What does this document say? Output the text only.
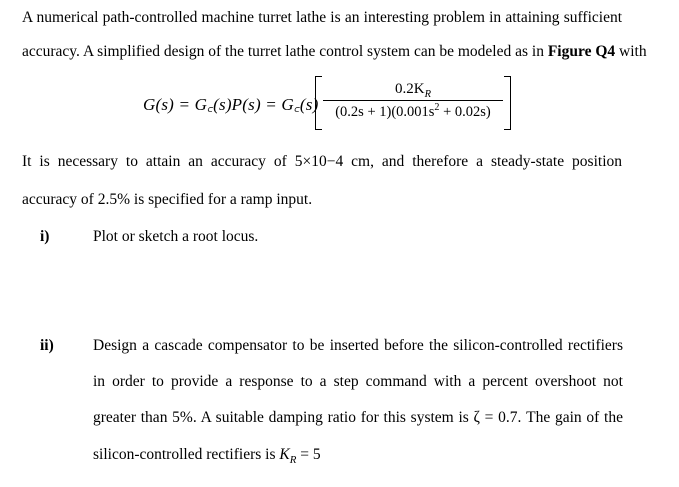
A numerical path-controlled machine turret lathe is an interesting problem in attaining sufficient
accuracy. A simplified design of the turret lathe control system can be modeled as in Figure Q4 with
G(s) = G꜀(s)P(s) = G꜀(s)
$0.2K_R$
$(0.2s + 1)(0.001s^2 + 0.02s)$
It is necessary to attain an accuracy of 5×10−4 cm, and therefore a steady-state position
accuracy of 2.5% is specified for a ramp input.
i)	Plot or sketch a root locus.
ii)	Design a cascade compensator to be inserted before the silicon-controlled rectifiers
in order to provide a response to a step command with a percent overshoot not
greater than 5%. A suitable damping ratio for this system is ζ = 0.7. The gain of the
silicon-controlled rectifiers is $K_R = 5$
